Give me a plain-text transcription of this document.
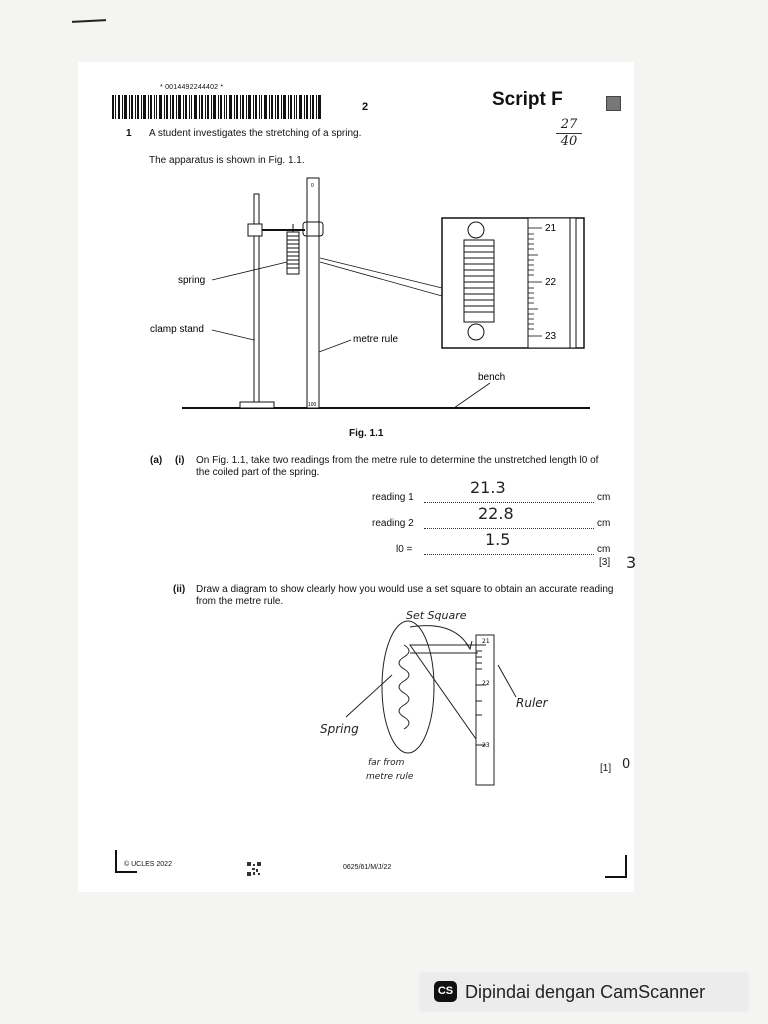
* 0014492244402 *
2	Script F
27
40
1 A student investigates the stretching of a spring.
The apparatus is shown in Fig. 1.1.
0
100
21
22
23
spring
clamp stand
metre rule
bench
Fig. 1.1
(a) (i) On Fig. 1.1, take two readings from the metre rule to determine the unstretched length l0 of the coiled part of the spring.
reading 1
21.3
cm
reading 2
22.8
cm
l0 =
1.5
cm
[3] 3
(ii) Draw a diagram to show clearly how you would use a set square to obtain an accurate reading from the metre rule.
21
22
23
Set Square
Ruler
Spring
far from
metre rule
[1] 0
© UCLES 2022	0625/61/M/J/22
CS Dipindai dengan CamScanner
